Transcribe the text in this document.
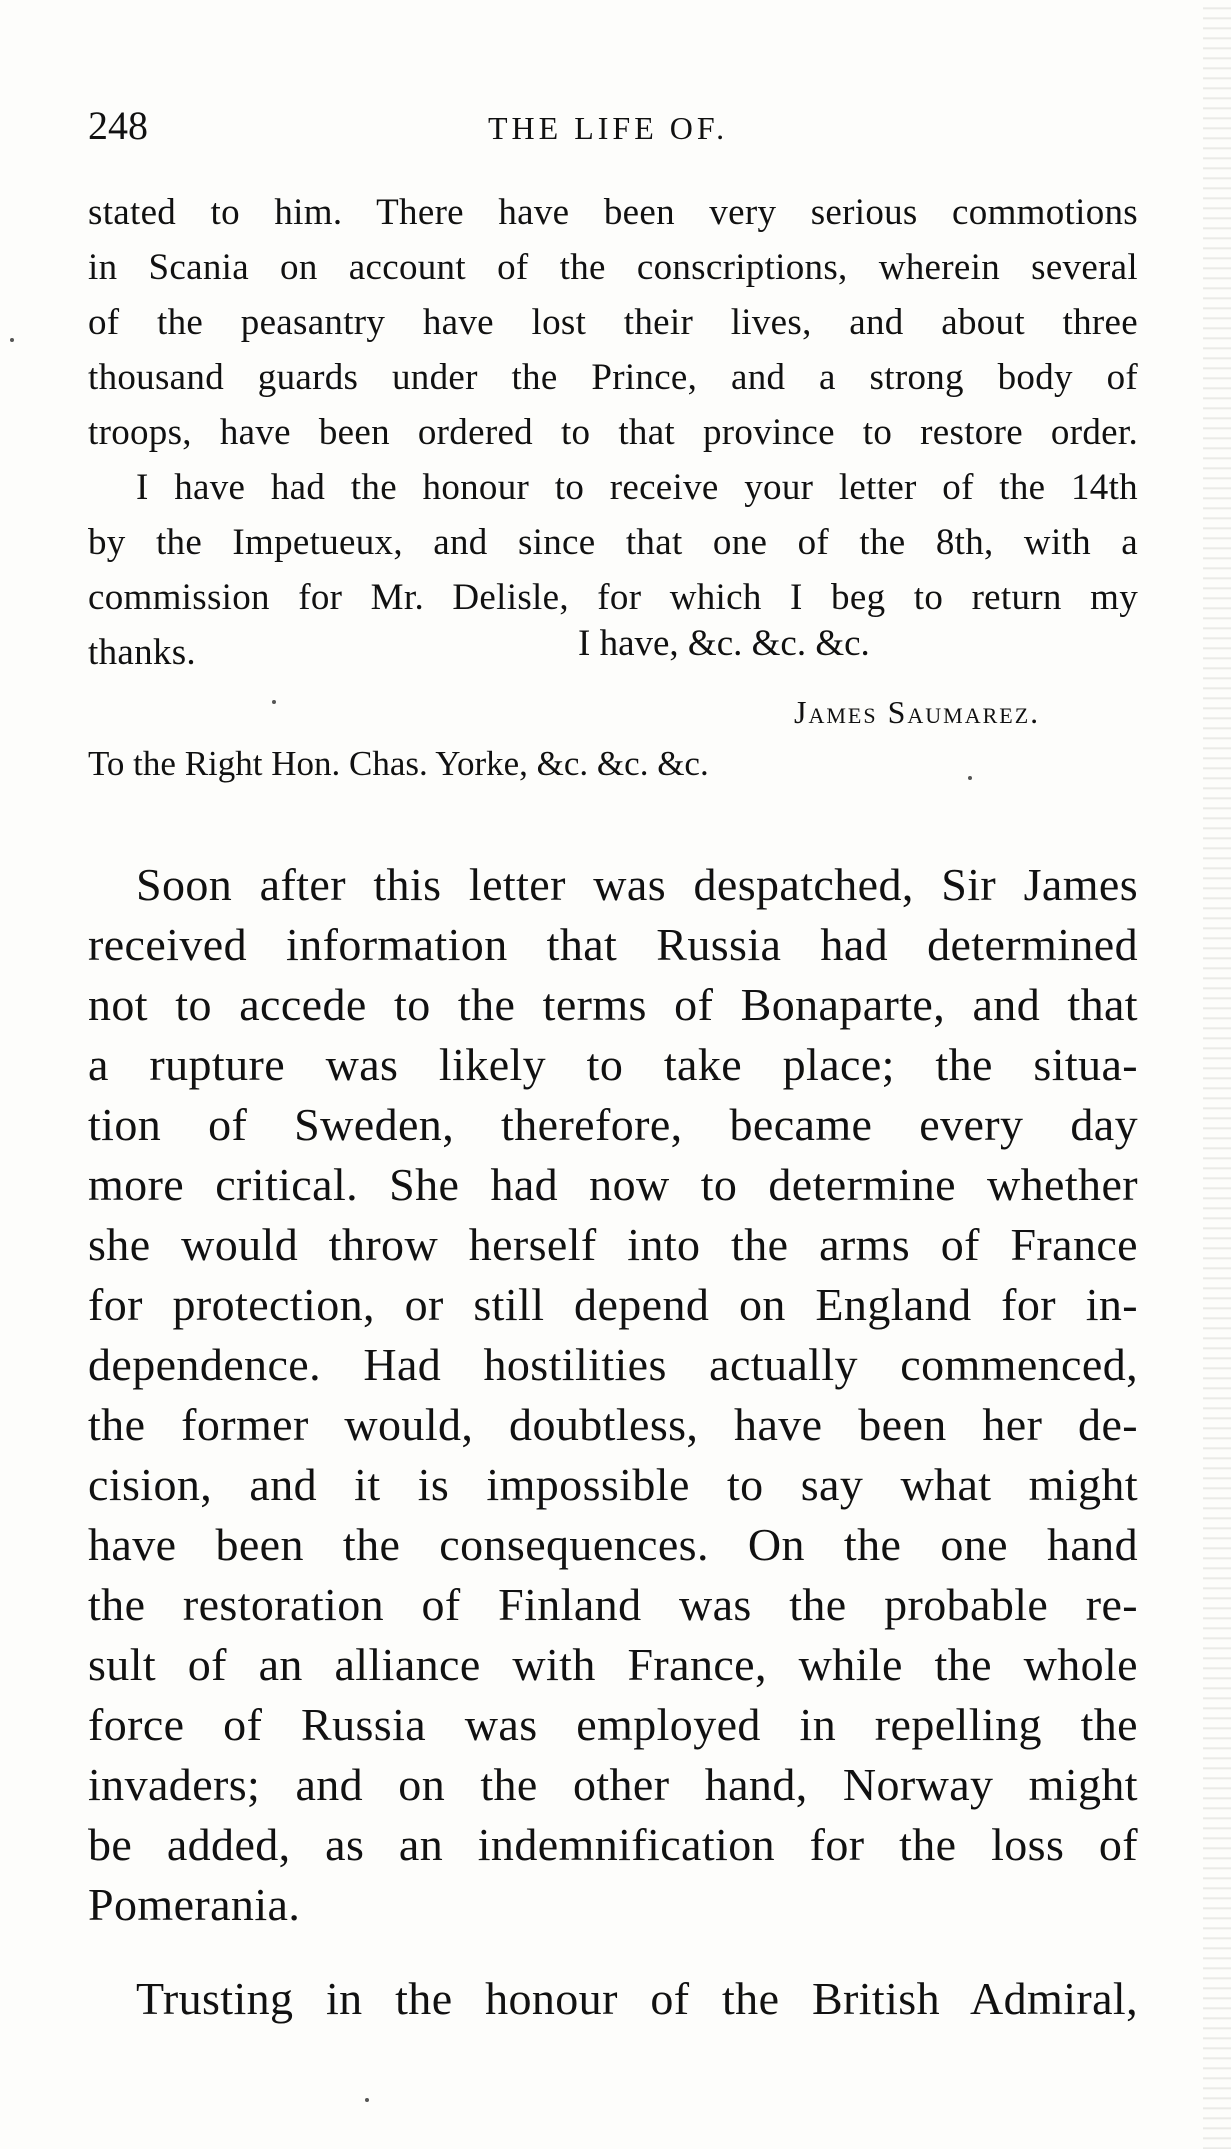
248	THE LIFE OF.
stated to him. There have been very serious commotions
in Scania on account of the conscriptions, wherein several
of the peasantry have lost their lives, and about three
thousand guards under the Prince, and a strong body of
troops, have been ordered to that province to restore order.
I have had the honour to receive your letter of the 14th
by the Impetueux, and since that one of the 8th, with a
commission for Mr. Delisle, for which I beg to return my
thanks.	I have, &c. &c. &c.
James Saumarez.
To the Right Hon. Chas. Yorke, &c. &c. &c.
Soon after this letter was despatched, Sir James
received information that Russia had determined
not to accede to the terms of Bonaparte, and that
a rupture was likely to take place; the situa-
tion of Sweden, therefore, became every day
more critical. She had now to determine whether
she would throw herself into the arms of France
for protection, or still depend on England for in-
dependence. Had hostilities actually commenced,
the former would, doubtless, have been her de-
cision, and it is impossible to say what might
have been the consequences. On the one hand
the restoration of Finland was the probable re-
sult of an alliance with France, while the whole
force of Russia was employed in repelling the
invaders; and on the other hand, Norway might
be added, as an indemnification for the loss of
Pomerania.
Trusting in the honour of the British Admiral,
